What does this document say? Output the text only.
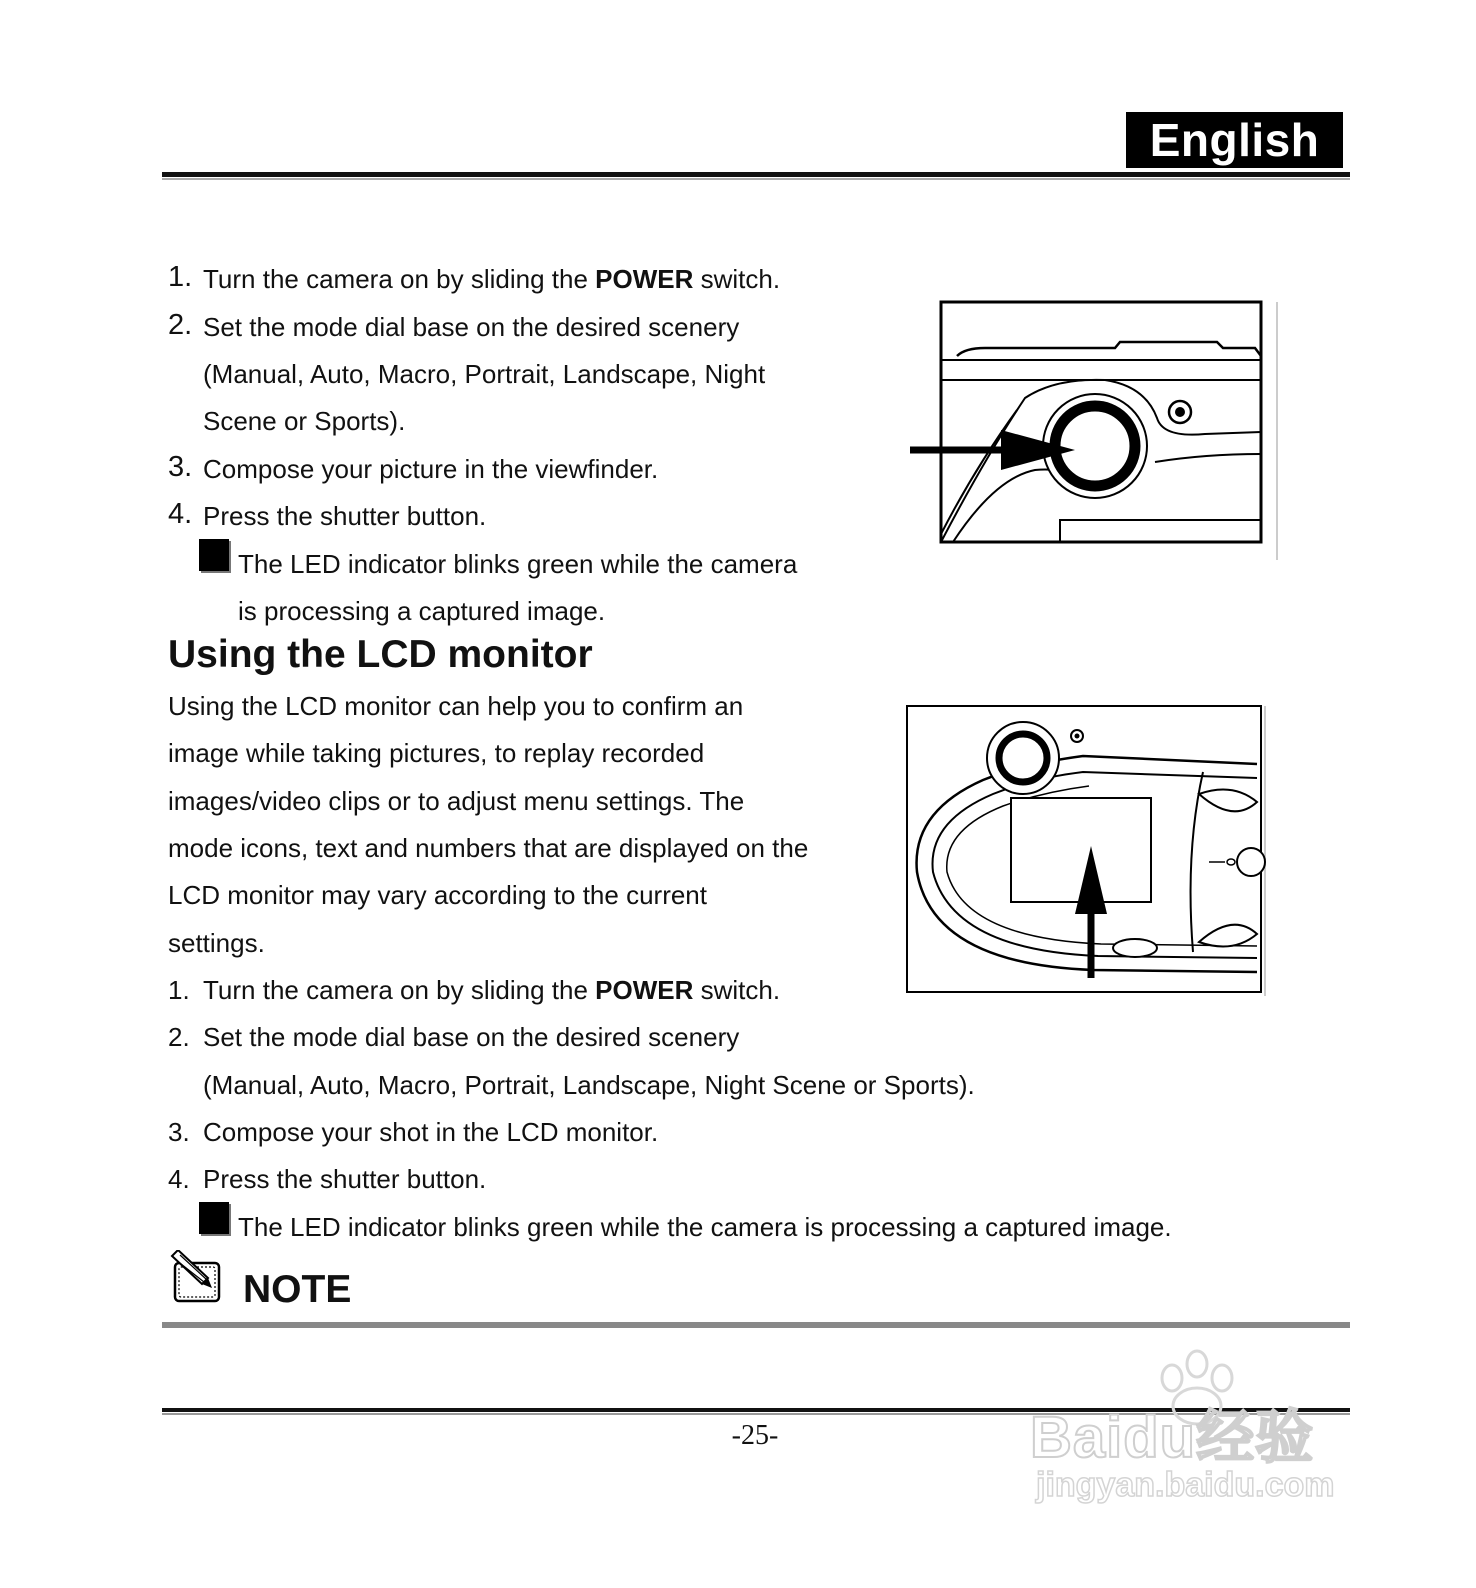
English
1. Turn the camera on by sliding the POWER switch.
2. Set the mode dial base on the desired scenery
(Manual, Auto, Macro, Portrait, Landscape, Night
Scene or Sports).
3. Compose your picture in the viewfinder.
4. Press the shutter button.
The LED indicator blinks green while the camera
is processing a captured image.
Using the LCD monitor
Using the LCD monitor can help you to confirm an
image while taking pictures, to replay recorded
images/video clips or to adjust menu settings. The
mode icons, text and numbers that are displayed on the
LCD monitor may vary according to the current
settings.
1. Turn the camera on by sliding the POWER switch.
2. Set the mode dial base on the desired scenery
(Manual, Auto, Macro, Portrait, Landscape, Night Scene or Sports).
3. Compose your shot in the LCD monitor.
4. Press the shutter button.
The LED indicator blinks green while the camera is processing a captured image.
NOTE
-25-	Baidu经验
jingyan.baidu.com
